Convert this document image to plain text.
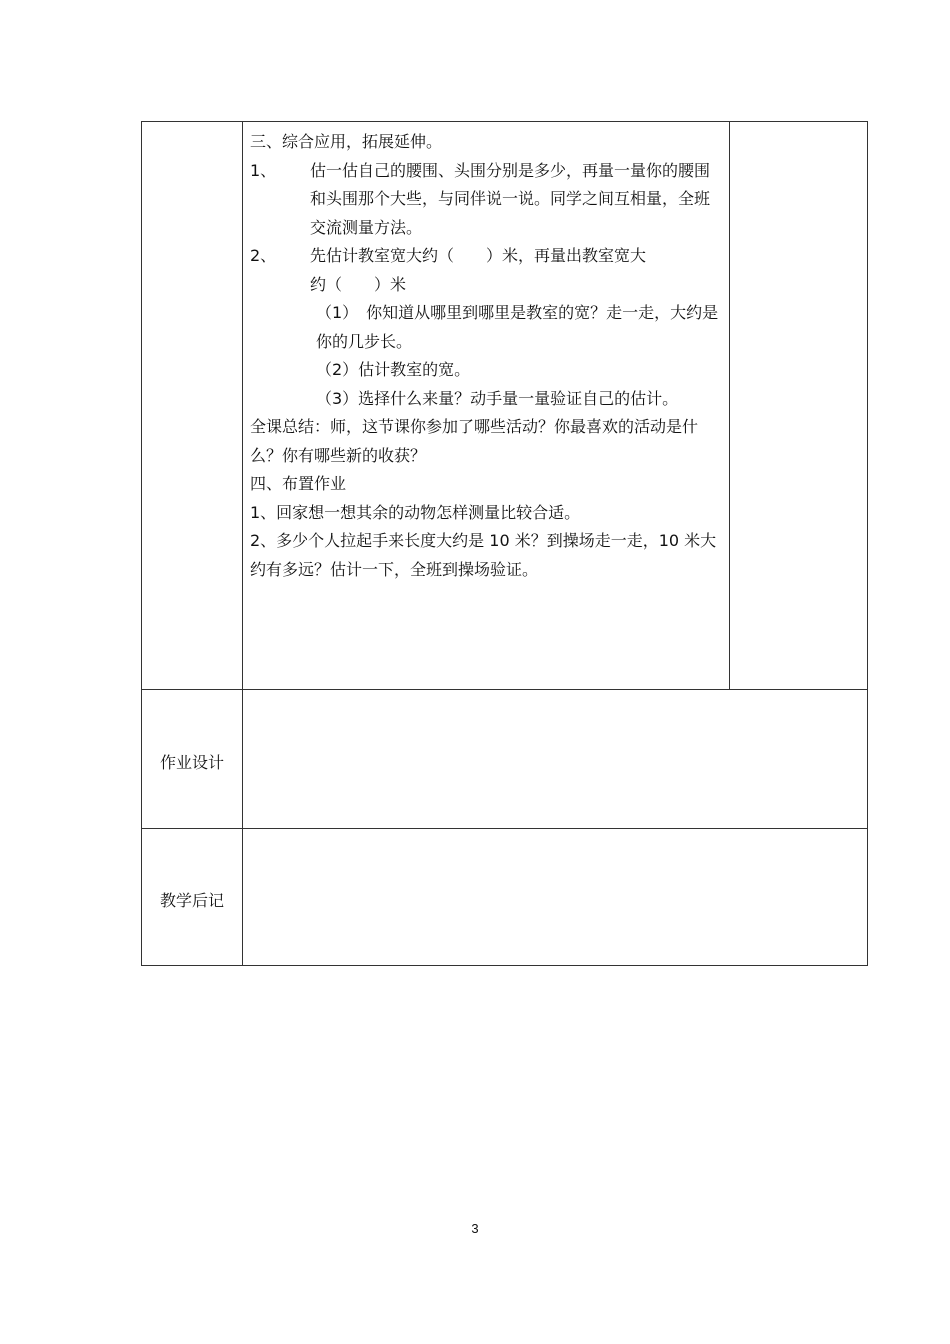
三、综合应用，拓展延伸。

1、	估一估自己的腰围、头围分别是多少，再量一量你的腰围和头围那个大些，与同伴说一说。同学之间互相量，全班交流测量方法。
2、	先估计教室宽大约（　　）米，再量出教室宽大

约（　　）米

（1）　你知道从哪里到哪里是教室的宽？走一走，大约是你的几步长。
（2）估计教室的宽。
（3）选择什么来量？动手量一量验证自己的估计。

全课总结：师，这节课你参加了哪些活动？你最喜欢的活动是什么？你有哪些新的收获？

四、布置作业

1、回家想一想其余的动物怎样测量比较合适。

2、多少个人拉起手来长度大约是 10 米？到操场走一走，10 米大约有多远？估计一下，全班到操场验证。

作业设计
教学后记
3
